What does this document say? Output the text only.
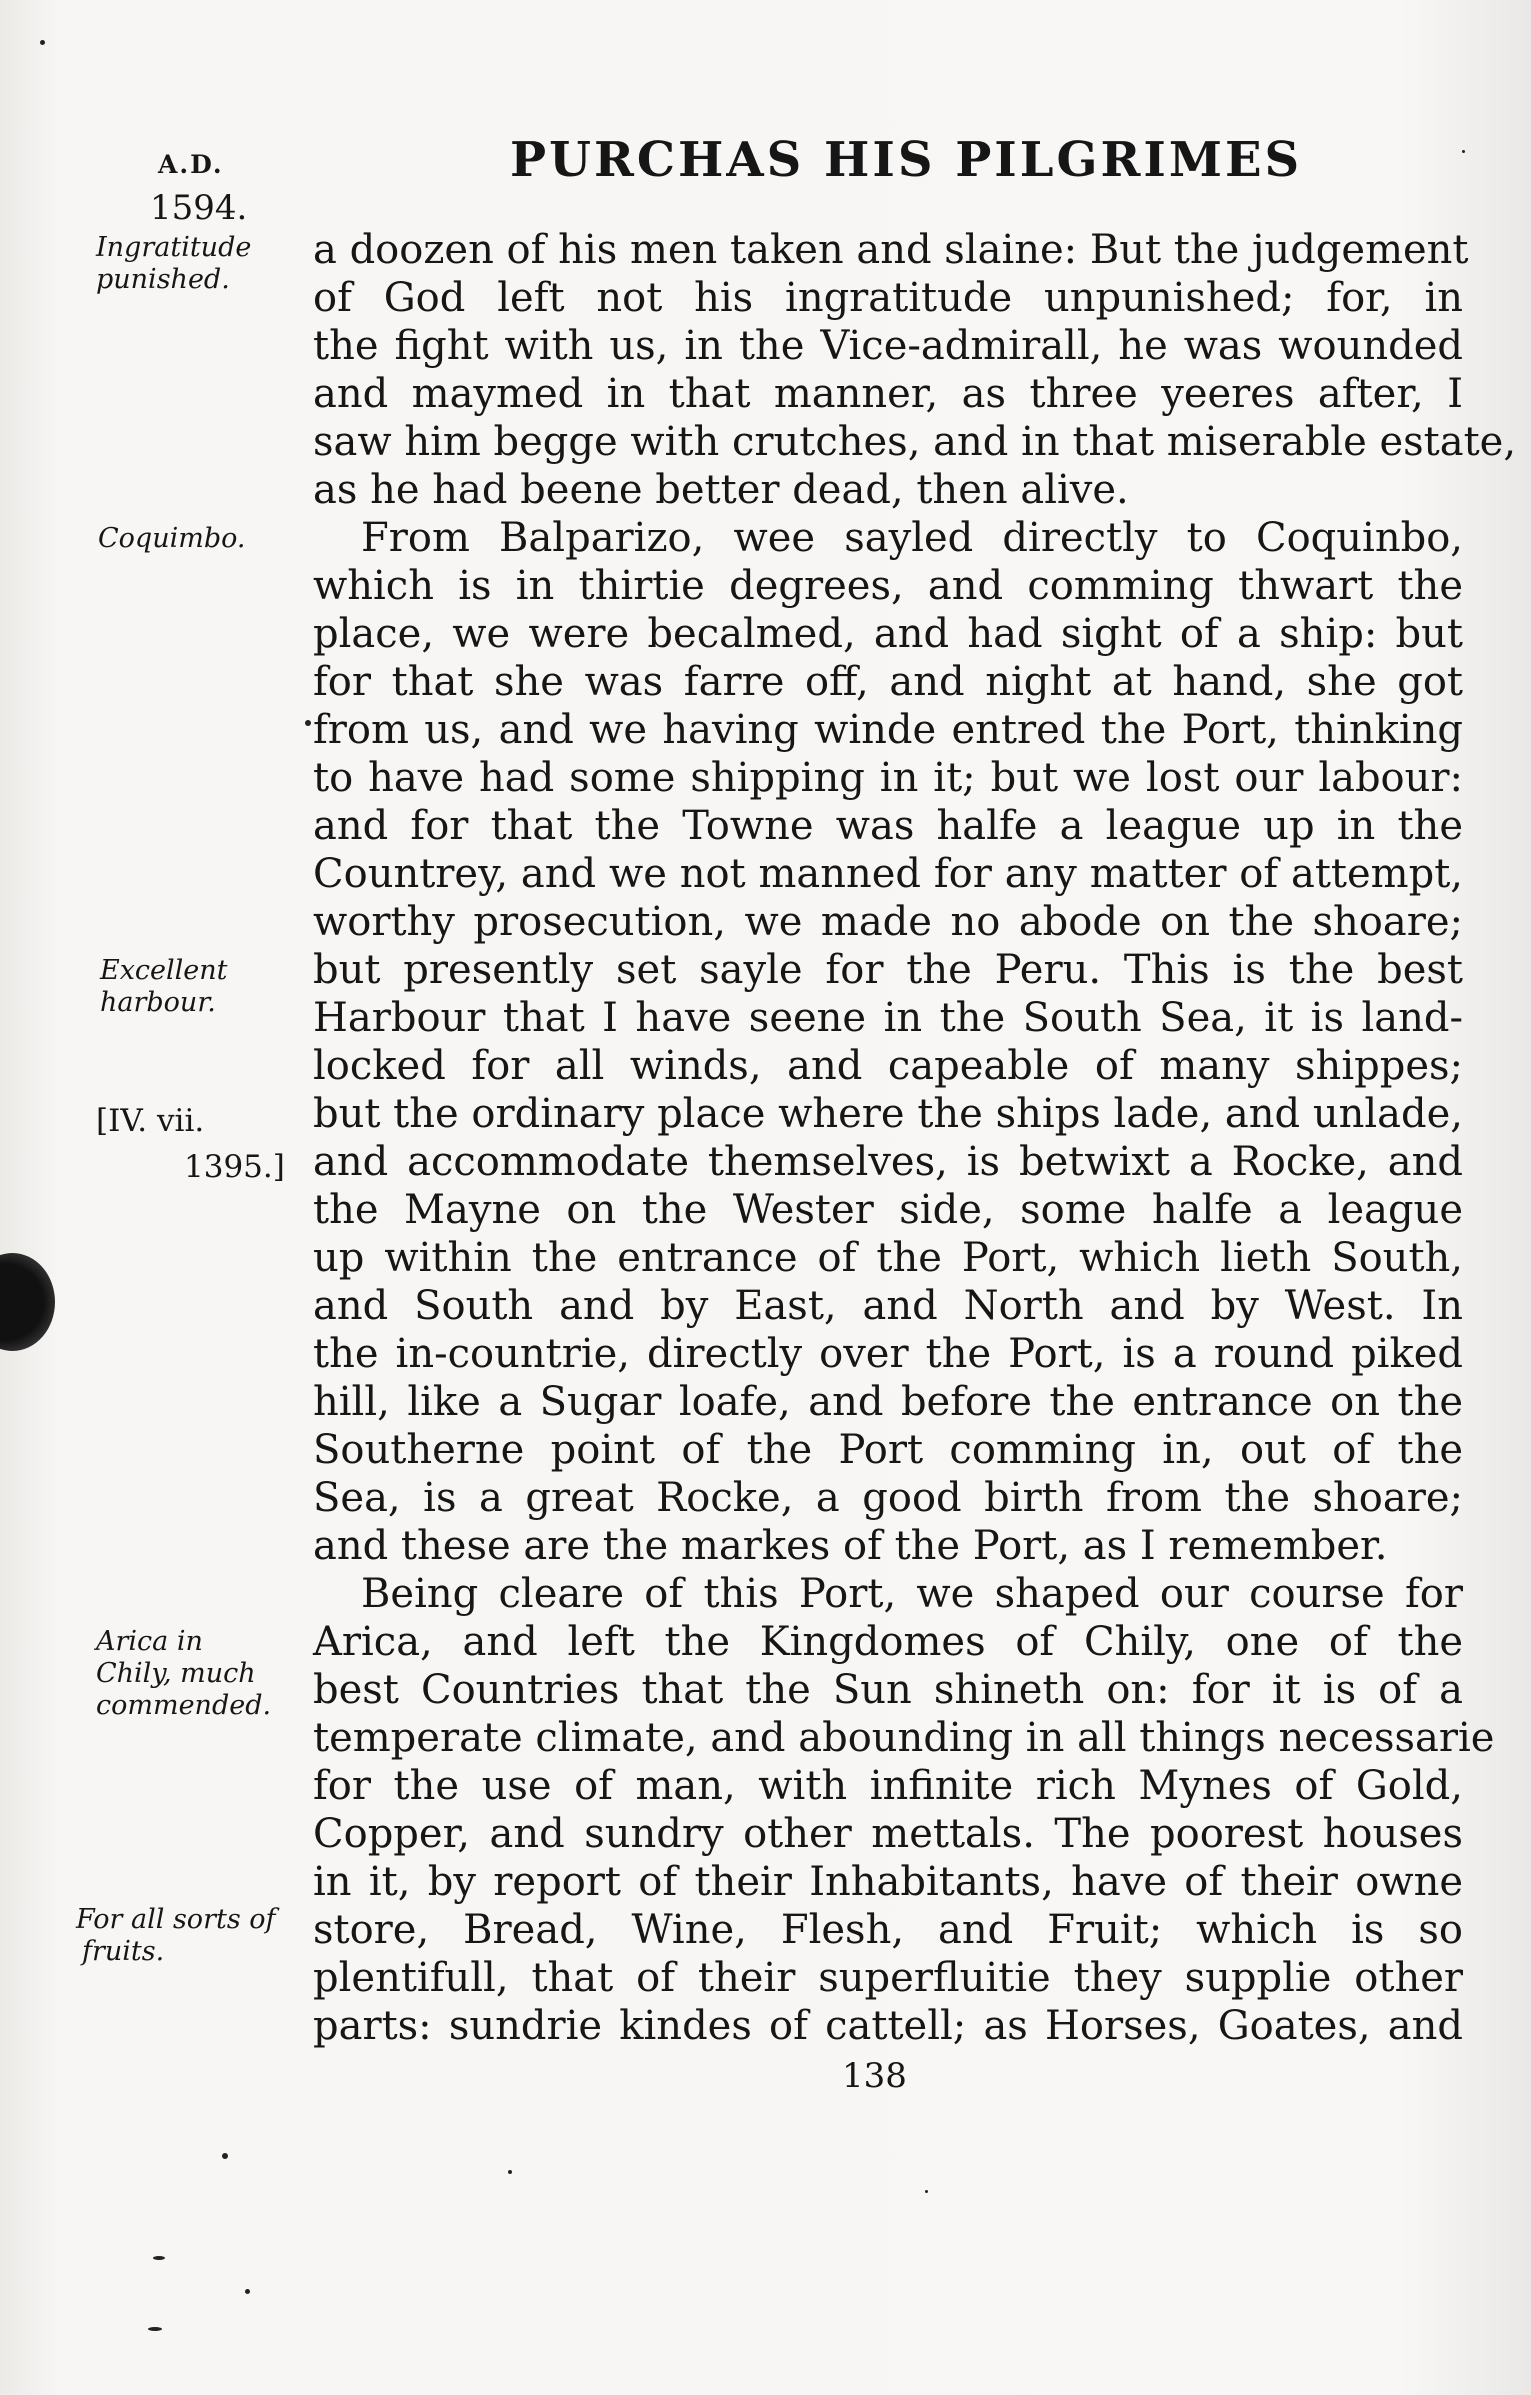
A.D.
1594.
PURCHAS HIS PILGRIMES
Ingratitude
punished.
Coquimbo.
Excellent
harbour.
[IV. vii.
1395.]
Arica in
Chily, much
commended.
For all sorts of
fruits.
a doozen of his men taken and slaine: But the judgement
of God left not his ingratitude unpunished; for, in
the fight with us, in the Vice-admirall, he was wounded
and maymed in that manner, as three yeeres after, I
saw him begge with crutches, and in that miserable estate,
as he had beene better dead, then alive.
From Balparizo, wee sayled directly to Coquinbo,
which is in thirtie degrees, and comming thwart the
place, we were becalmed, and had sight of a ship: but
for that she was farre off, and night at hand, she got
from us, and we having winde entred the Port, thinking
to have had some shipping in it; but we lost our labour:
and for that the Towne was halfe a league up in the
Countrey, and we not manned for any matter of attempt,
worthy prosecution, we made no abode on the shoare;
but presently set sayle for the Peru. This is the best
Harbour that I have seene in the South Sea, it is land-
locked for all winds, and capeable of many shippes;
but the ordinary place where the ships lade, and unlade,
and accommodate themselves, is betwixt a Rocke, and
the Mayne on the Wester side, some halfe a league
up within the entrance of the Port, which lieth South,
and South and by East, and North and by West. In
the in-countrie, directly over the Port, is a round piked
hill, like a Sugar loafe, and before the entrance on the
Southerne point of the Port comming in, out of the
Sea, is a great Rocke, a good birth from the shoare;
and these are the markes of the Port, as I remember.
Being cleare of this Port, we shaped our course for
Arica, and left the Kingdomes of Chily, one of the
best Countries that the Sun shineth on: for it is of a
temperate climate, and abounding in all things necessarie
for the use of man, with infinite rich Mynes of Gold,
Copper, and sundry other mettals. The poorest houses
in it, by report of their Inhabitants, have of their owne
store, Bread, Wine, Flesh, and Fruit; which is so
plentifull, that of their superfluitie they supplie other
parts: sundrie kindes of cattell; as Horses, Goates, and
138
